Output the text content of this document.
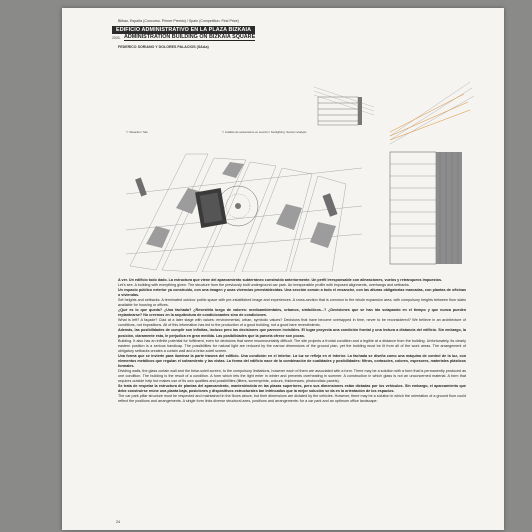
Bilbao, España (Concurso. Primer Premio) / Spain (Competition. First Prize)
EDIFICIO ADMINISTRATIVO EN LA PLAZA BIZKAIA
2003- ADMINISTRATION BUILDING ON BIZKAIA SQUARE
FEDERICO SORIANO Y DOLORES PALACIOS (S&Aa)
↖ Situación / Site	↖ Análisis de soleamiento en sección / Sunlighting. Section analysis

A ver. Un edificio todo dado. La estructura que viene del aparcamiento subterráneo construido anteriormente. Un perfil irresponsable con alineaciones, vuelos y retranqueos impuestos.

Let's see. A building with everything given. The structure from the previously built underground car park. An irresponsible profile with imposed alignments, overhangs and setbacks.

Un espacio público exterior ya construido, con una imagen y unas vivencias preestablecidas. Una sección común a todo el ensanche, con las alturas obligatorias marcadas, con plantas de oficinas o viviendas.

Set heights and setbacks. A terminated outdoor public space with pre-established image and experiences. A cross-section that is common to the whole expansion area, with compulsory heights between floor slabs available for housing or offices.

¿Qué es lo que queda? ¿Una fachada? ¿Revestirla luego de valores: medioambientales, urbanos, simbólicos...? ¿Decisiones que se han ido solapando en el tiempo y que nunca pueden replantearse? No creemos en la arquitectura de condicionantes sino de condiciones.

What is left? A façade? Clad at a later stage with values: environmental, urban, symbolic values? Decisions that have become overlapped in time, never to be reconsidered? We believe in an architecture of conditions, not impositions. All of this information has led to the production of a good building, not a good bare revestimiento.

Además, las posibilidades de cumplir son infinitas, incluso pero las decisiones que parecen invisibles. El lugar proyecta una condición frontal y una lectura a distancia del edificio. Sin embargo, la posición, claramente esta, le perjudica en gran medida. Las posibilidades que la parcela ofrece son pocas.

Building. It also has an infinite potential for fulfilment, even for decisions that seem insurmountably difficult. The site projects a frontal condition and a legible at a distance from the building. Unfortunately, its clearly eastern position is a serious handicap. The possibilities for natural light are reduced by the narrow dimensions of the ground plan, yet the building must be lit from all of the work areas. The arrangement of obligatory setbacks creates a curtain wall and a brise-soleil screen.

Una forma que se invierte para iluminar la parte trasera del edificio. Una condición en el interior. La luz se refleja en el interior. La fachada se diseña como una máquina de control de la luz, con elementos metálicos que regulan el soleamiento y las vistas. La forma del edificio nace de la combinación de cualidades y posibilidades: filtros, cortasoles, colores, espesores, materiales plásticos formales.

Dividing walls, the glass curtain wall and the brise-soleil screen, to the compulsory limitations, however each of them are associated with a form. There may be a solution with a form that is permanently produced as one condition. The building is the result of a condition. A form which lets the light enter in winter and prevents overheating in summer. A construction in which glass is not an unconcerned material. A form that requires outside help but makes use of its own qualities and possibilities (filters, screenprints, colours, thicknesses, photovoltaic panels).

Se trata de respetar la estructura de plantas del aparcamiento, manteniéndola en las plazas superiores, pero sus dimensiones están dictadas por los vehículos. Sin embargo, el aparcamiento que debe construirse reúne una planta baja, posiciones y dispositivos estructurales tan intrincados que la mejor solución se da en la orientación de los espacios.

The car park pillar structure must be respected and maintained in the floors above, but their dimensions are dictated by the vehicles. However, there may be a solution in which the orientation of a ground floor could reflect the positions and arrangements. A single form links diverse structural axes, positions and arrangements: for a car park and an optimum office landscape.

24
